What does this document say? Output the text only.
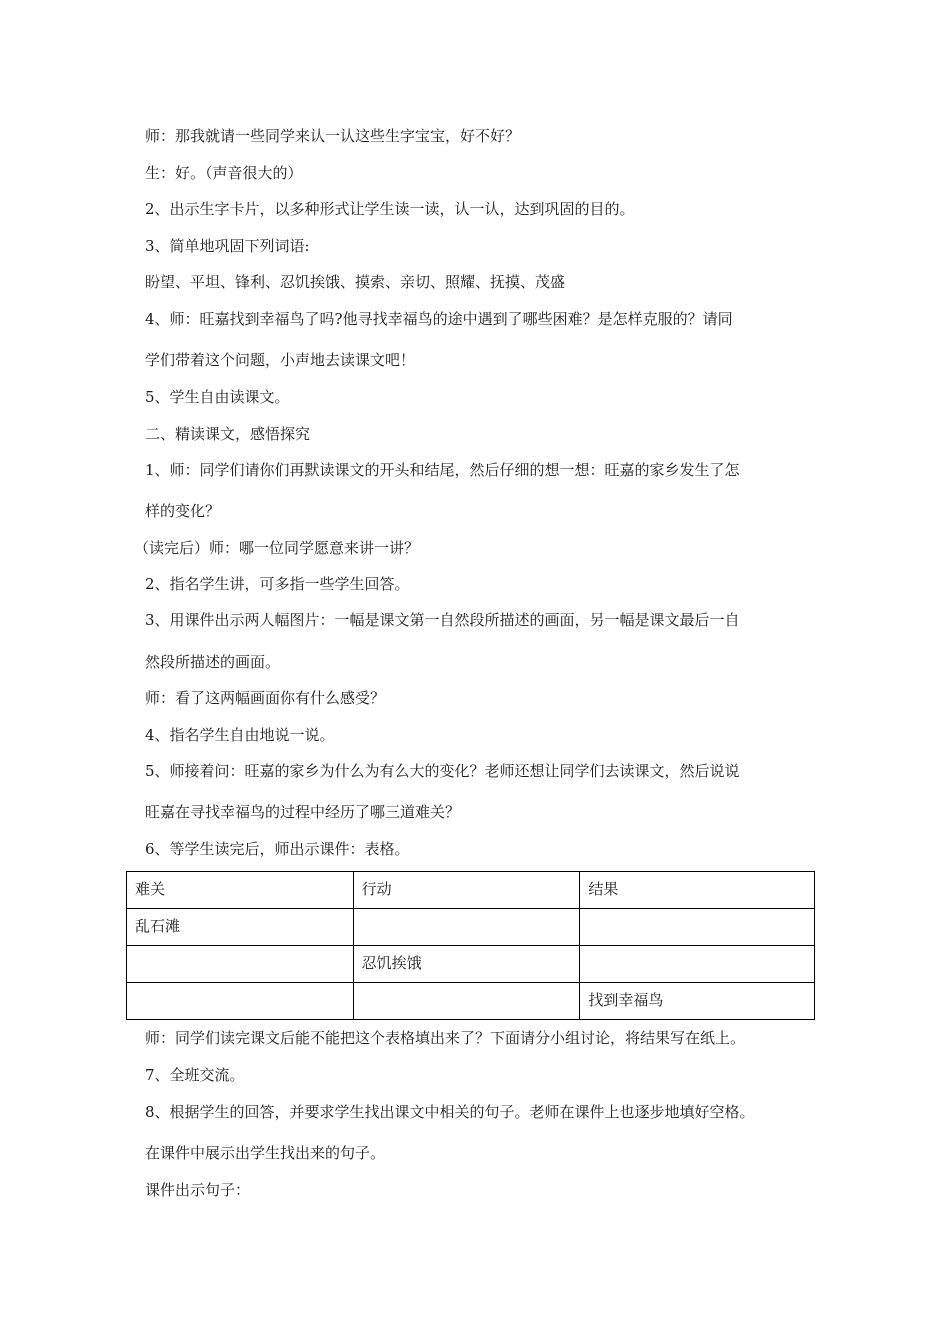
师：那我就请一些同学来认一认这些生字宝宝，好不好？
生：好。（声音很大的）
2、出示生字卡片，以多种形式让学生读一读，认一认，达到巩固的目的。
3、简单地巩固下列词语:
盼望、平坦、锋利、忍饥挨饿、摸索、亲切、照耀、抚摸、茂盛
4、师：旺嘉找到幸福鸟了吗?他寻找幸福鸟的途中遇到了哪些困难？是怎样克服的？请同
学们带着这个问题，小声地去读课文吧！
5、学生自由读课文。
二、精读课文，感悟探究
1、师：同学们请你们再默读课文的开头和结尾，然后仔细的想一想：旺嘉的家乡发生了怎
样的变化？
（读完后）师：哪一位同学愿意来讲一讲？
2、指名学生讲，可多指一些学生回答。
3、用课件出示两人幅图片：一幅是课文第一自然段所描述的画面，另一幅是课文最后一自
然段所描述的画面。
师：看了这两幅画面你有什么感受？
4、指名学生自由地说一说。
5、师接着问：旺嘉的家乡为什么为有么大的变化？老师还想让同学们去读课文，然后说说
旺嘉在寻找幸福鸟的过程中经历了哪三道难关？
6、等学生读完后，师出示课件：表格。
难关	行动	结果
乱石滩		
	忍饥挨饿	
		找到幸福鸟
师：同学们读完课文后能不能把这个表格填出来了？下面请分小组讨论，将结果写在纸上。
7、全班交流。
8、根据学生的回答，并要求学生找出课文中相关的句子。老师在课件上也逐步地填好空格。
在课件中展示出学生找出来的句子。
课件出示句子：
